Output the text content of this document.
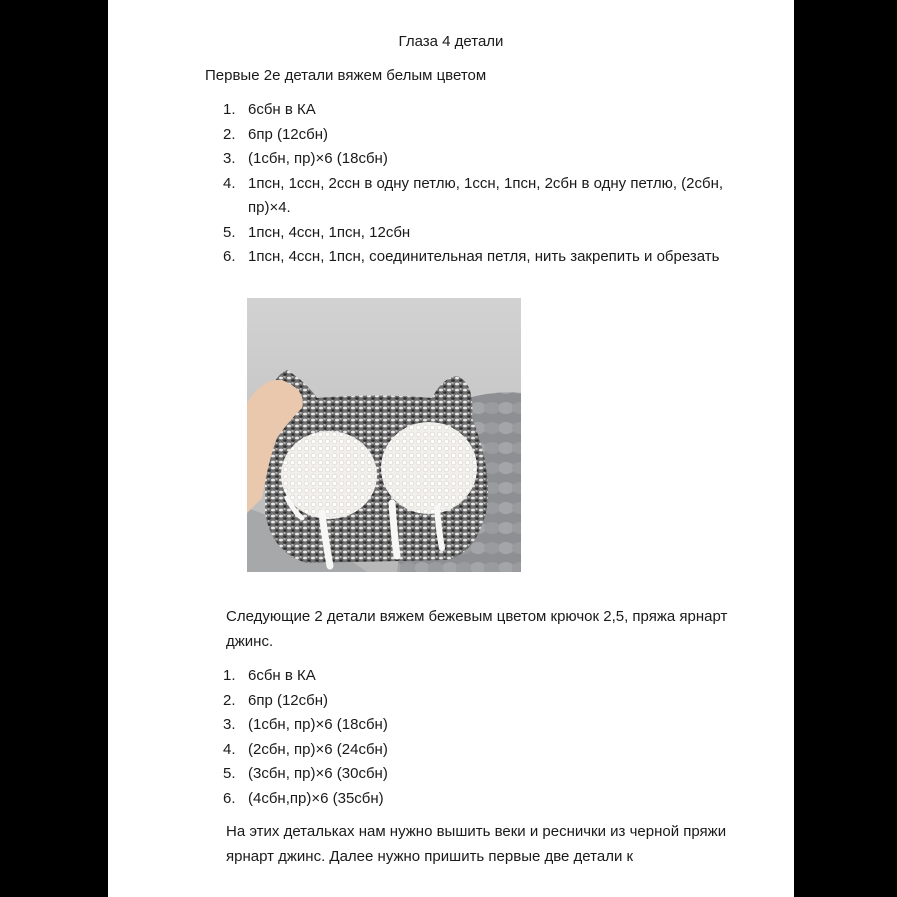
Глаза 4 детали
Первые 2е детали вяжем белым цветом
1. 6сбн в КА
2. 6пр (12сбн)
3. (1сбн, пр)×6 (18сбн)
4. 1псн, 1ссн, 2ссн в одну петлю, 1ссн, 1псн, 2сбн в одну петлю, (2сбн, пр)×4.
5. 1псн, 4ссн, 1псн, 12сбн
6. 1псн, 4ссн, 1псн, соединительная петля, нить закрепить и обрезать
Следующие 2 детали вяжем бежевым цветом крючок 2,5, пряжа ярнарт джинс.
1. 6сбн в КА
2. 6пр (12сбн)
3. (1сбн, пр)×6 (18сбн)
4. (2сбн, пр)×6 (24сбн)
5. (3сбн, пр)×6 (30сбн)
6. (4сбн,пр)×6 (35сбн)
На этих детальках нам нужно вышить веки и реснички из черной пряжи ярнарт джинс. Далее нужно пришить первые две детали к
